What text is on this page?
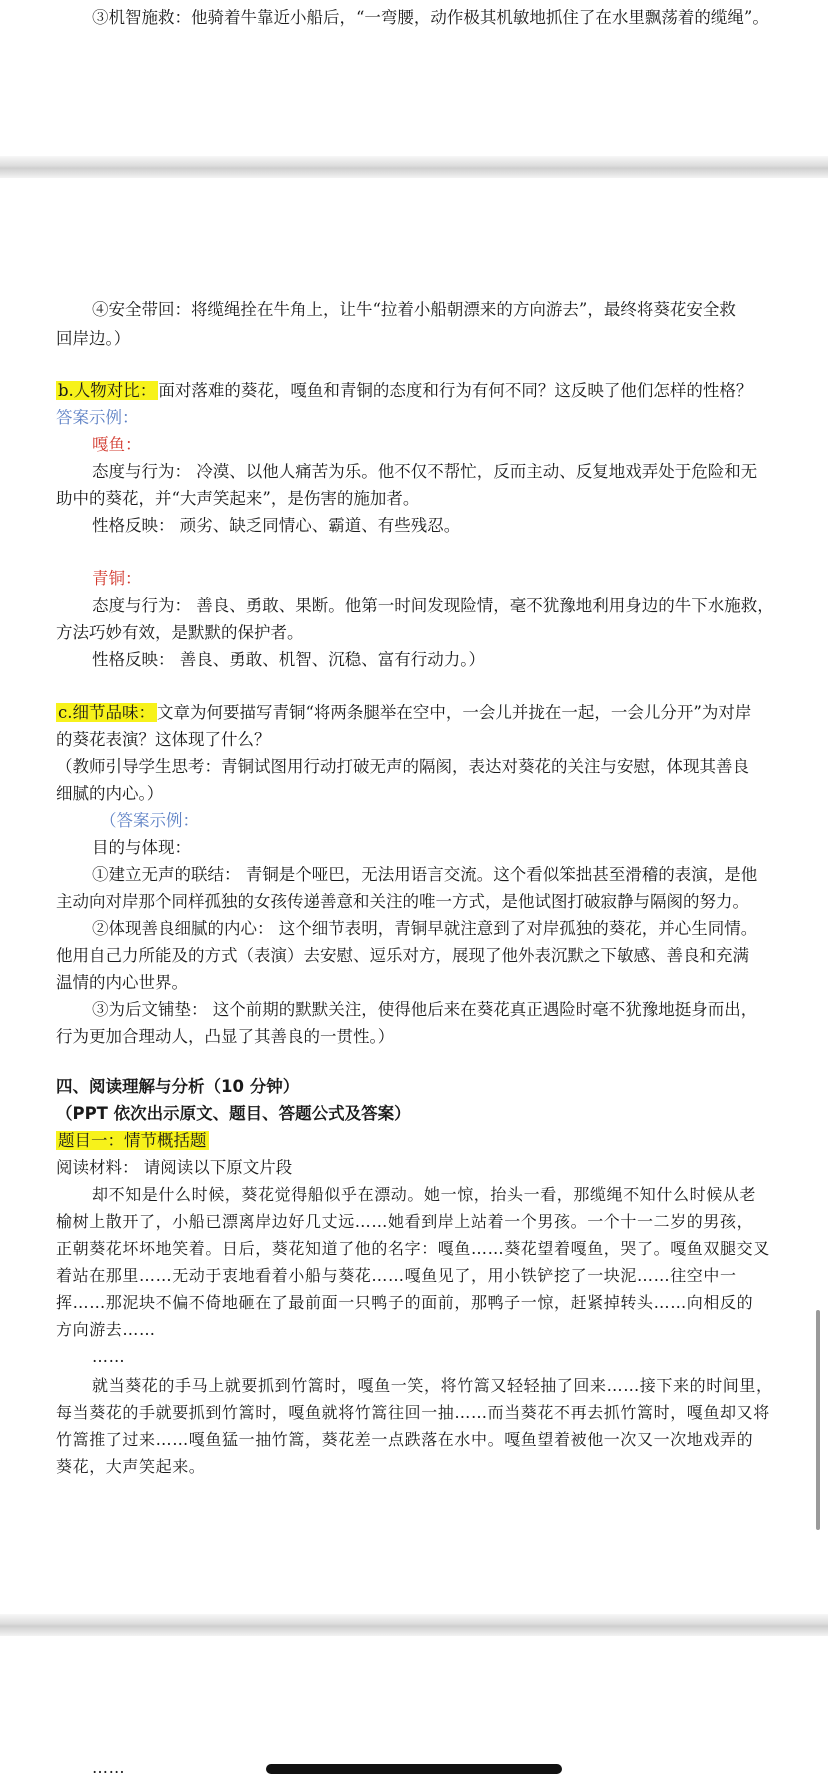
③机智施救：他骑着牛靠近小船后，“一弯腰，动作极其机敏地抓住了在水里飘荡着的缆绳”。
④安全带回：将缆绳拴在牛角上，让牛“拉着小船朝漂来的方向游去”，最终将葵花安全救
回岸边。）
b.人物对比： 面对落难的葵花，嘎鱼和青铜的态度和行为有何不同？这反映了他们怎样的性格？
答案示例：
嘎鱼：
态度与行为： 冷漠、以他人痛苦为乐。他不仅不帮忙，反而主动、反复地戏弄处于危险和无
助中的葵花，并“大声笑起来”，是伤害的施加者。
性格反映： 顽劣、缺乏同情心、霸道、有些残忍。
青铜：
态度与行为： 善良、勇敢、果断。他第一时间发现险情，毫不犹豫地利用身边的牛下水施救，
方法巧妙有效，是默默的保护者。
性格反映： 善良、勇敢、机智、沉稳、富有行动力。）
c.细节品味： 文章为何要描写青铜“将两条腿举在空中，一会儿并拢在一起，一会儿分开”为对岸
的葵花表演？这体现了什么？
（教师引导学生思考：青铜试图用行动打破无声的隔阂，表达对葵花的关注与安慰，体现其善良
细腻的内心。）
（答案示例：
目的与体现：
①建立无声的联结： 青铜是个哑巴，无法用语言交流。这个看似笨拙甚至滑稽的表演，是他
主动向对岸那个同样孤独的女孩传递善意和关注的唯一方式，是他试图打破寂静与隔阂的努力。
②体现善良细腻的内心： 这个细节表明，青铜早就注意到了对岸孤独的葵花，并心生同情。
他用自己力所能及的方式（表演）去安慰、逗乐对方，展现了他外表沉默之下敏感、善良和充满
温情的内心世界。
③为后文铺垫： 这个前期的默默关注，使得他后来在葵花真正遇险时毫不犹豫地挺身而出，
行为更加合理动人，凸显了其善良的一贯性。）
四、阅读理解与分析（10 分钟）
（PPT 依次出示原文、题目、答题公式及答案）
题目一：情节概括题
阅读材料： 请阅读以下原文片段
却不知是什么时候，葵花觉得船似乎在漂动。她一惊，抬头一看，那缆绳不知什么时候从老
榆树上散开了，小船已漂离岸边好几丈远……她看到岸上站着一个男孩。一个十一二岁的男孩，
正朝葵花坏坏地笑着。日后，葵花知道了他的名字：嘎鱼……葵花望着嘎鱼，哭了。嘎鱼双腿交叉
着站在那里……无动于衷地看着小船与葵花……嘎鱼见了，用小铁铲挖了一块泥……往空中一
挥……那泥块不偏不倚地砸在了最前面一只鸭子的面前，那鸭子一惊，赶紧掉转头……向相反的
方向游去……
……
就当葵花的手马上就要抓到竹篙时，嘎鱼一笑，将竹篙又轻轻抽了回来……接下来的时间里，
每当葵花的手就要抓到竹篙时，嘎鱼就将竹篙往回一抽……而当葵花不再去抓竹篙时，嘎鱼却又将
竹篙推了过来……嘎鱼猛一抽竹篙，葵花差一点跌落在水中。嘎鱼望着被他一次又一次地戏弄的
葵花，大声笑起来。
……
